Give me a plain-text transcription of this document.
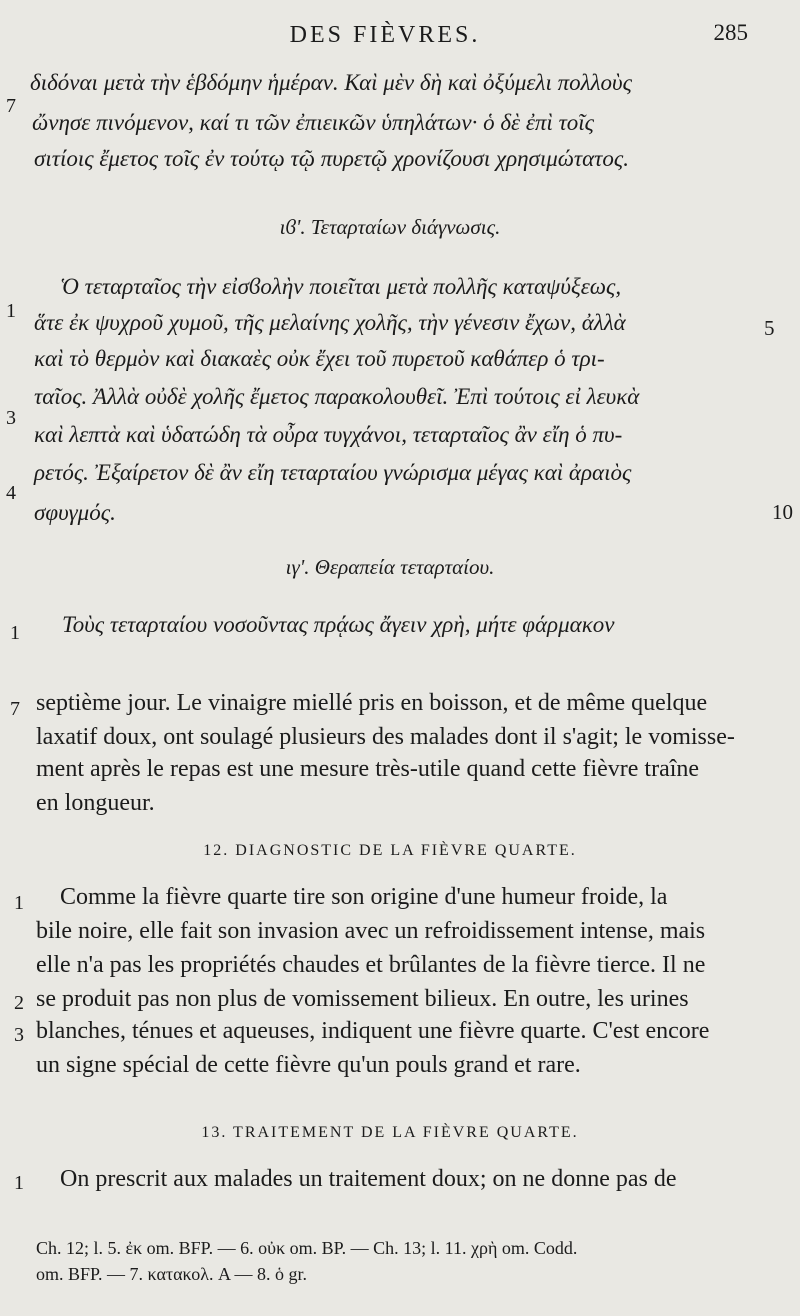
DES FIÈVRES.	285
7
διδόναι μετὰ τὴν ἑβδόμην ἡμέραν. Καὶ μὲν δὴ καὶ ὀξύμελι πολλοὺς
ὤνησε πινόμενον, καί τι τῶν ἐπιεικῶν ὑπηλάτων· ὁ δὲ ἐπὶ τοῖς
σιτίοις ἔμετος τοῖς ἐν τούτῳ τῷ πυρετῷ χρονίζουσι χρησιμώτατος.
ιϐʹ. Τεταρταίων διάγνωσις.
1
Ὁ τεταρταῖος τὴν εἰσϐολὴν ποιεῖται μετὰ πολλῆς καταψύξεως,
ἅτε ἐκ ψυχροῦ χυμοῦ, τῆς μελαίνης χολῆς, τὴν γένεσιν ἔχων, ἀλλὰ	5
καὶ τὸ θερμὸν καὶ διακαὲς οὐκ ἔχει τοῦ πυρετοῦ καθάπερ ὁ τρι-
3
ταῖος. Ἀλλὰ οὐδὲ χολῆς ἔμετος παρακολουθεῖ. Ἐπὶ τούτοις εἰ λευκὰ
καὶ λεπτὰ καὶ ὑδατώδη τὰ οὖρα τυγχάνοι, τεταρταῖος ἂν εἴη ὁ πυ-
4
ρετός. Ἐξαίρετον δὲ ἂν εἴη τεταρταίου γνώρισμα μέγας καὶ ἀραιὸς
σφυγμός.	10
ιγʹ. Θεραπεία τεταρταίου.
1 Τοὺς τεταρταίου νοσοῦντας πρᾴως ἄγειν χρὴ, μήτε φάρμακον
7 septième jour. Le vinaigre miellé pris en boisson, et de même quelque
laxatif doux, ont soulagé plusieurs des malades dont il s'agit; le vomisse-
ment après le repas est une mesure très-utile quand cette fièvre traîne
en longueur.
12. DIAGNOSTIC DE LA FIÈVRE QUARTE.
1 Comme la fièvre quarte tire son origine d'une humeur froide, la
bile noire, elle fait son invasion avec un refroidissement intense, mais
elle n'a pas les propriétés chaudes et brûlantes de la fièvre tierce. Il ne
2 se produit pas non plus de vomissement bilieux. En outre, les urines
3 blanches, ténues et aqueuses, indiquent une fièvre quarte. C'est encore
un signe spécial de cette fièvre qu'un pouls grand et rare.
13. TRAITEMENT DE LA FIÈVRE QUARTE.
1 On prescrit aux malades un traitement doux; on ne donne pas de
Ch. 12; l. 5. ἐκ om. BFP. — 6. οὐκ om. BP. — Ch. 13; l. 11. χρὴ om. Codd.
om. BFP. — 7. κατακολ. A — 8. ὁ gr.
